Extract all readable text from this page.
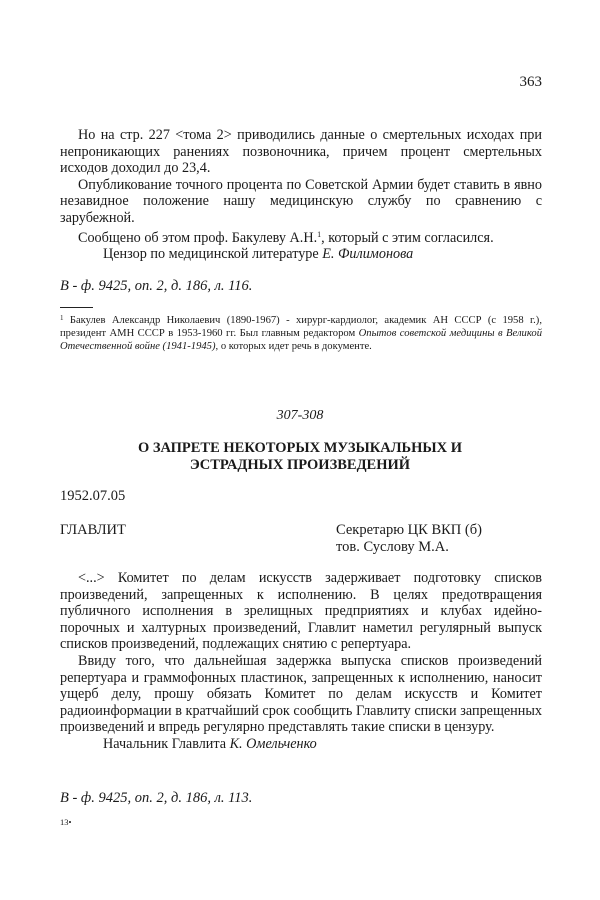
363

Но на стр. 227 <тома 2> приводились данные о смертельных исходах при непроникающих ранениях позвоночника, причем процент смертельных исходов доходил до 23,4.

Опубликование точного процента по Советской Армии будет ставить в явно незавидное положение нашу медицинскую службу по сравнению с зарубежной.

Сообщено об этом проф. Бакулеву А.Н.$^1$, который с этим согласился.

Цензор по медицинской литературе Е. Филимонова

В - ф. 9425, оп. 2, д. 186, л. 116.

$^1$ Бакулев Александр Николаевич (1890-1967) - хирург-кардиолог, академик АН СССР (с 1958 г.), президент АМН СССР в 1953-1960 гг. Был главным редактором Опытов советской медицины в Великой Отечественной войне (1941-1945), о которых идет речь в документе.

307-308
О ЗАПРЕТЕ НЕКОТОРЫХ МУЗЫКАЛЬНЫХ И
ЭСТРАДНЫХ ПРОИЗВЕДЕНИЙ
1952.07.05
ГЛАВЛИТ	Секретарю ЦК ВКП (б)
тов. Суслову М.А.

<...> Комитет по делам искусств задерживает подготовку списков произведений, запрещенных к исполнению. В целях предотвращения публичного исполнения в зрелищных предприятиях и клубах идейно-порочных и халтурных произведений, Главлит наметил регулярный выпуск списков произведений, подлежащих снятию с репертуара.

Ввиду того, что дальнейшая задержка выпуска списков произведений репертуара и граммофонных пластинок, запрещенных к исполнению, наносит ущерб делу, прошу обязать Комитет по делам искусств и Комитет радиоинформации в кратчайший срок сообщить Главлиту списки запрещенных произведений и впредь регулярно представлять такие списки в цензуру.

Начальник Главлита К. Омельченко

В - ф. 9425, оп. 2, д. 186, л. 113.

13•
